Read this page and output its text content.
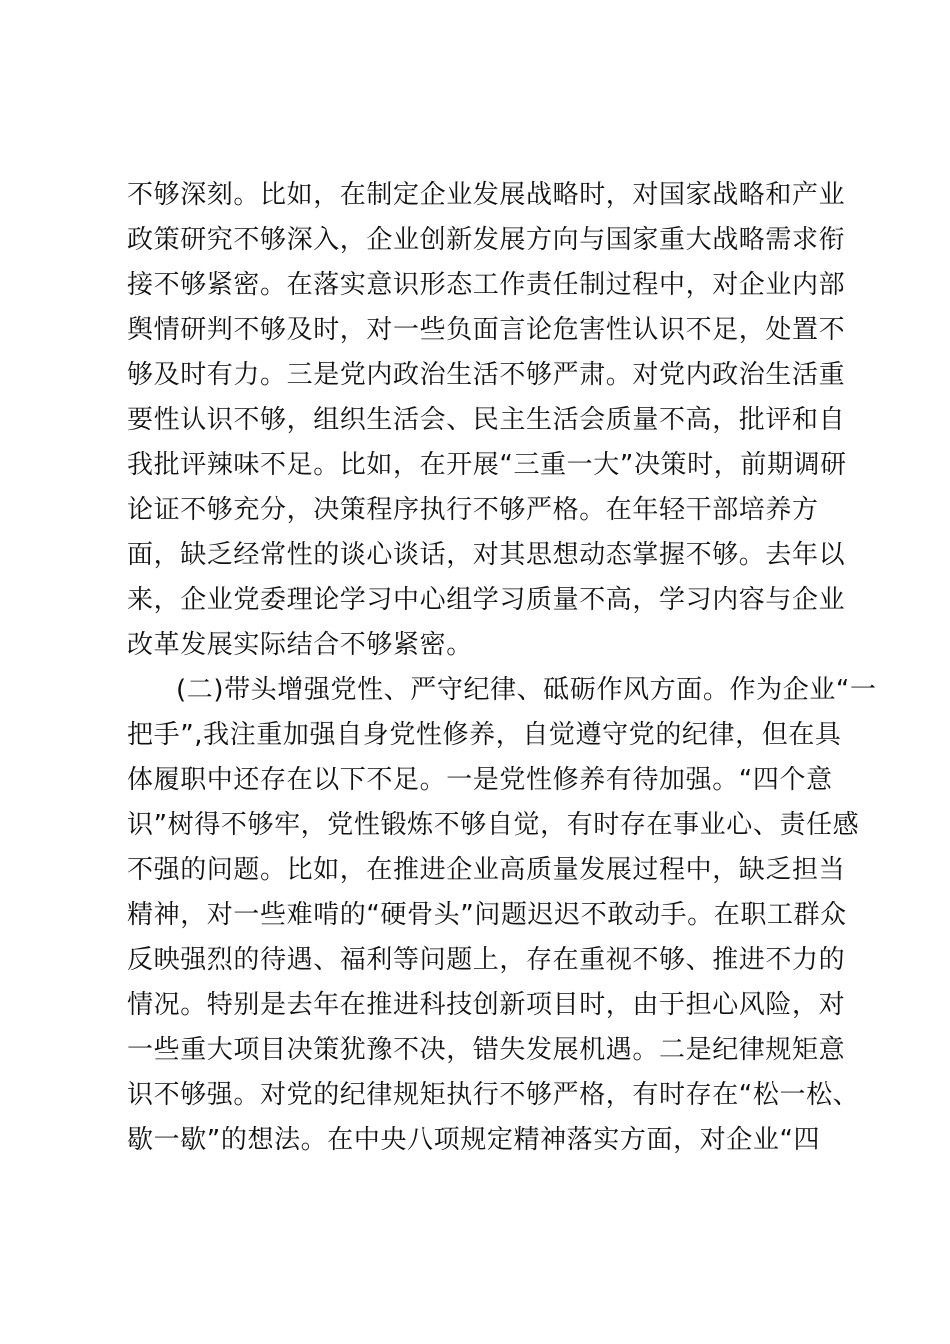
不够深刻。比如，在制定企业发展战略时，对国家战略和产业
政策研究不够深入，企业创新发展方向与国家重大战略需求衔
接不够紧密。在落实意识形态工作责任制过程中，对企业内部
舆情研判不够及时，对一些负面言论危害性认识不足，处置不
够及时有力。三是党内政治生活不够严肃。对党内政治生活重
要性认识不够，组织生活会、民主生活会质量不高，批评和自
我批评辣味不足。比如，在开展“三重一大”决策时，前期调研
论证不够充分，决策程序执行不够严格。在年轻干部培养方
面，缺乏经常性的谈心谈话，对其思想动态掌握不够。去年以
来，企业党委理论学习中心组学习质量不高，学习内容与企业
改革发展实际结合不够紧密。
(二)带头增强党性、严守纪律、砥砺作风方面。作为企业“一
把手”,我注重加强自身党性修养，自觉遵守党的纪律，但在具
体履职中还存在以下不足。一是党性修养有待加强。“四个意
识”树得不够牢，党性锻炼不够自觉，有时存在事业心、责任感
不强的问题。比如，在推进企业高质量发展过程中，缺乏担当
精神，对一些难啃的“硬骨头”问题迟迟不敢动手。在职工群众
反映强烈的待遇、福利等问题上，存在重视不够、推进不力的
情况。特别是去年在推进科技创新项目时，由于担心风险，对
一些重大项目决策犹豫不决，错失发展机遇。二是纪律规矩意
识不够强。对党的纪律规矩执行不够严格，有时存在“松一松、
歇一歇”的想法。在中央八项规定精神落实方面，对企业“四
